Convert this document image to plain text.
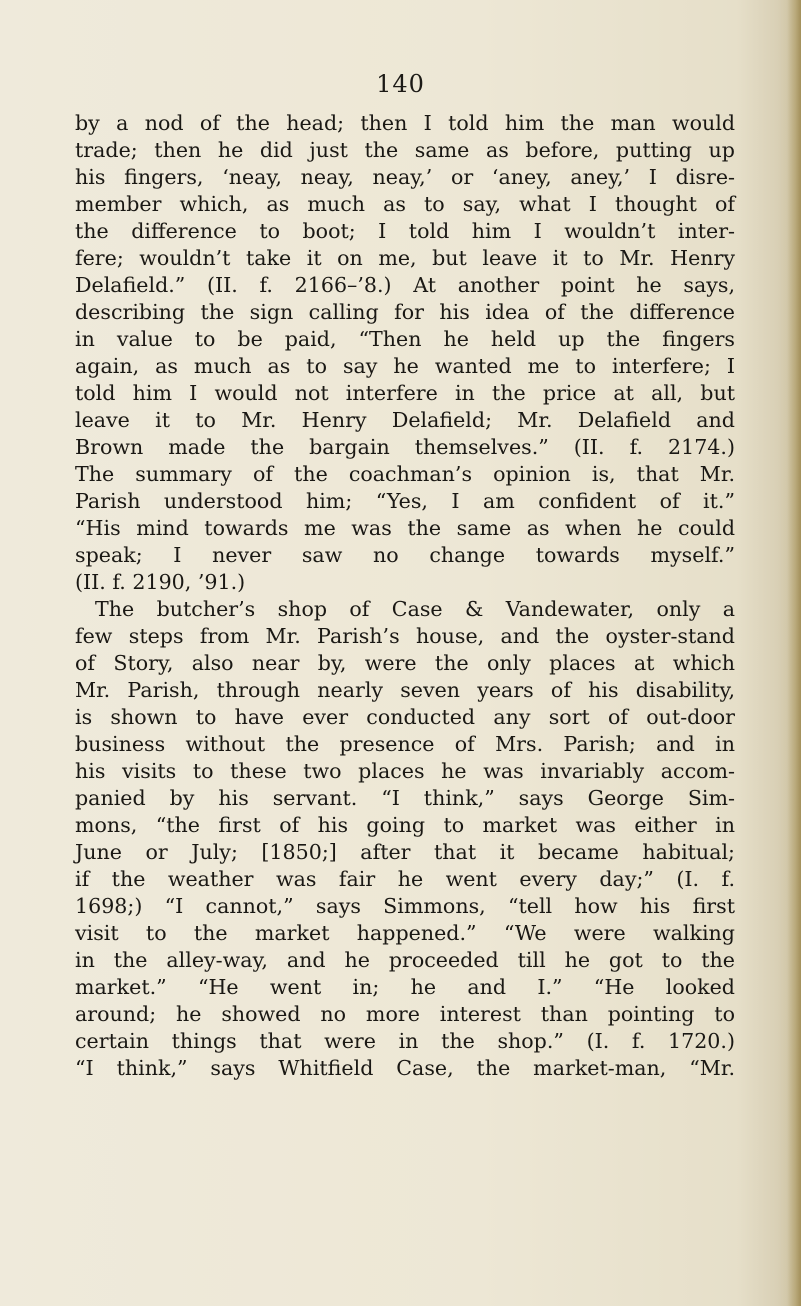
140
by a nod of the head; then I told him the man would
trade; then he did just the same as before, putting up
his fingers, ‘neay, neay, neay,’ or ‘aney, aney,’ I disre-
member which, as much as to say, what I thought of
the difference to boot; I told him I wouldn’t inter-
fere; wouldn’t take it on me, but leave it to Mr. Henry
Delafield.” (II. f. 2166–’8.) At another point he says,
describing the sign calling for his idea of the difference
in value to be paid, “Then he held up the fingers
again, as much as to say he wanted me to interfere; I
told him I would not interfere in the price at all, but
leave it to Mr. Henry Delafield; Mr. Delafield and
Brown made the bargain themselves.” (II. f. 2174.)
The summary of the coachman’s opinion is, that Mr.
Parish understood him; “Yes, I am confident of it.”
“His mind towards me was the same as when he could
speak; I never saw no change towards myself.”
(II. f. 2190, ’91.)
The butcher’s shop of Case & Vandewater, only a
few steps from Mr. Parish’s house, and the oyster-stand
of Story, also near by, were the only places at which
Mr. Parish, through nearly seven years of his disability,
is shown to have ever conducted any sort of out-door
business without the presence of Mrs. Parish; and in
his visits to these two places he was invariably accom-
panied by his servant. “I think,” says George Sim-
mons, “the first of his going to market was either in
June or July; [1850;] after that it became habitual;
if the weather was fair he went every day;” (I. f.
1698;) “I cannot,” says Simmons, “tell how his first
visit to the market happened.” “We were walking
in the alley-way, and he proceeded till he got to the
market.” “He went in; he and I.” “He looked
around; he showed no more interest than pointing to
certain things that were in the shop.” (I. f. 1720.)
“I think,” says Whitfield Case, the market-man, “Mr.
